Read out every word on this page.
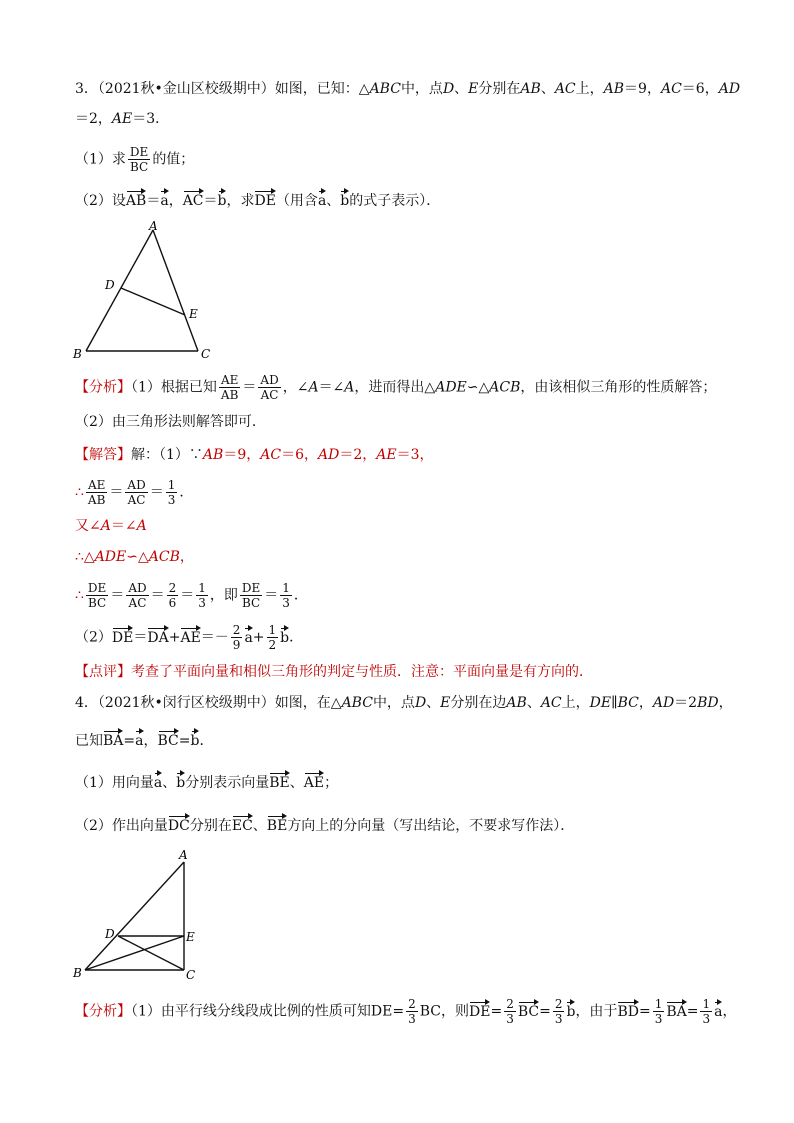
3．（2021秋•金山区校级期中）如图，已知：△ABC中，点D、E分别在AB、AC上，AB＝9，AC＝6，AD
＝2，AE＝3．
（1）求 $\frac{DE}{BC}$ 的值；
（2）设AB＝a，AC＝b，求DE（用含a、b的式子表示）．
A
D
E
B	C
【分析】（1）根据已知 $\frac{AE}{AB} = \frac{AD}{AC}$ ，∠A＝∠A，进而得出△ADE∽△ACB，由该相似三角形的性质解答；
（2）由三角形法则解答即可．
【解答】解：（1）∵AB＝9，AC＝6，AD＝2，AE＝3，
∴ $\frac{AE}{AB} = \frac{AD}{AC} = \frac{1}{3}$ ．
又∠A＝∠A
∴△ADE∽△ACB，
∴ $\frac{DE}{BC} = \frac{AD}{AC} = \frac{2}{6} = \frac{1}{3}$ ，即 $\frac{DE}{BC} = \frac{1}{3}$ ．
$(2)DE=DA+AE=- \frac{2}{9} a+ \frac{1}{2}$ b．
【点评】考查了平面向量和相似三角形的判定与性质．注意：平面向量是有方向的．
4．（2021秋•闵行区校级期中）如图，在△ABC中，点D、E分别在边AB、AC上，DE∥BC，AD＝2BD，
已知BA=a，BC=b．
（1）用向量a、b分别表示向量BE、AE；
（2）作出向量DC分别在EC、BE方向上的分向量（写出结论，不要求写作法）．
A
D	E
B	C
【分析】（1）由平行线分线段成比例的性质可知$DE= \frac{2}{3}$ BC，则$DE= \frac{2}{3} BC= \frac{2}{3}$ b，由于$BD= \frac{1}{3} BA= \frac{1}{3}$ a，
